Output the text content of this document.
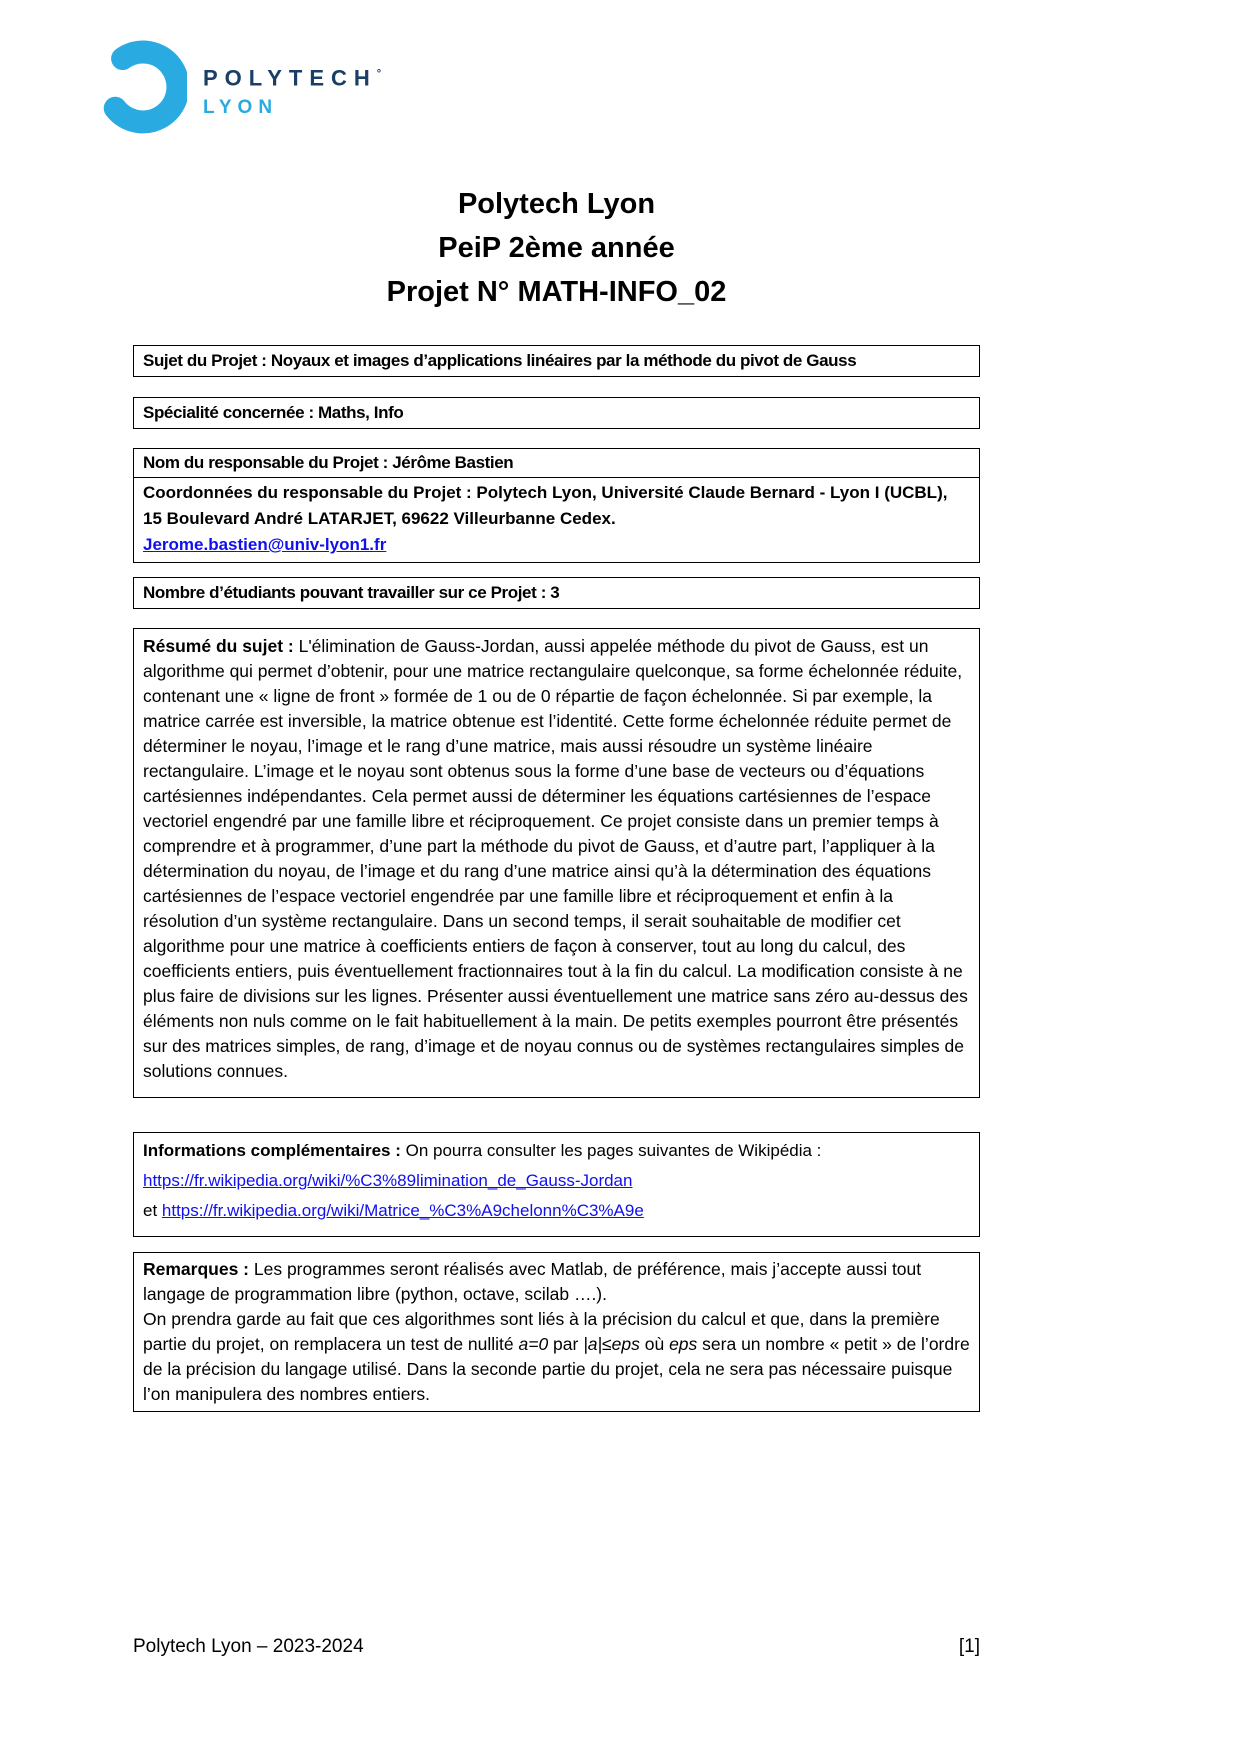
POLYTECH°
LYON
Polytech Lyon
PeiP 2ème année
Projet N° MATH-INFO_02
Sujet du Projet : Noyaux et images d’applications linéaires par la méthode du pivot de Gauss
Spécialité concernée : Maths, Info
Nom du responsable du Projet : Jérôme Bastien

Coordonnées du responsable du Projet : Polytech Lyon, Université Claude Bernard - Lyon I (UCBL), 15 Boulevard André LATARJET, 69622 Villeurbanne Cedex.

Jerome.bastien@univ-lyon1.fr

Nombre d’étudiants pouvant travailler sur ce Projet : 3

Résumé du sujet : L'élimination de Gauss-Jordan, aussi appelée méthode du pivot de Gauss, est un algorithme qui permet d’obtenir, pour une matrice rectangulaire quelconque, sa forme échelonnée réduite, contenant une « ligne de front » formée de 1 ou de 0 répartie de façon échelonnée. Si par exemple, la matrice carrée est inversible, la matrice obtenue est l’identité. Cette forme échelonnée réduite permet de déterminer le noyau, l’image et le rang d’une matrice, mais aussi résoudre un système linéaire rectangulaire. L’image et le noyau sont obtenus sous la forme d’une base de vecteurs ou d’équations cartésiennes indépendantes. Cela permet aussi de déterminer les équations cartésiennes de l’espace vectoriel engendré par une famille libre et réciproquement. Ce projet consiste dans un premier temps à comprendre et à programmer, d’une part la méthode du pivot de Gauss, et d’autre part, l’appliquer à la détermination du noyau, de l’image et du rang d’une matrice ainsi qu’à la détermination des équations cartésiennes de l’espace vectoriel engendrée par une famille libre et réciproquement et enfin à la résolution d’un système rectangulaire. Dans un second temps, il serait souhaitable de modifier cet algorithme pour une matrice à coefficients entiers de façon à conserver, tout au long du calcul, des coefficients entiers, puis éventuellement fractionnaires tout à la fin du calcul. La modification consiste à ne plus faire de divisions sur les lignes. Présenter aussi éventuellement une matrice sans zéro au-dessus des éléments non nuls comme on le fait habituellement à la main. De petits exemples pourront être présentés sur des matrices simples, de rang, d’image et de noyau connus ou de systèmes rectangulaires simples de solutions connues.

Informations complémentaires : On pourra consulter les pages suivantes de Wikipédia :

https://fr.wikipedia.org/wiki/%C3%89limination_de_Gauss-Jordan

et https://fr.wikipedia.org/wiki/Matrice_%C3%A9chelonn%C3%A9e

Remarques : Les programmes seront réalisés avec Matlab, de préférence, mais j’accepte aussi tout langage de programmation libre (python, octave, scilab ….).

On prendra garde au fait que ces algorithmes sont liés à la précision du calcul et que, dans la première partie du projet, on remplacera un test de nullité a=0 par |a|≤eps où eps sera un nombre « petit » de l’ordre de la précision du langage utilisé. Dans la seconde partie du projet, cela ne sera pas nécessaire puisque l’on manipulera des nombres entiers.

Polytech Lyon – 2023-2024	[1]
